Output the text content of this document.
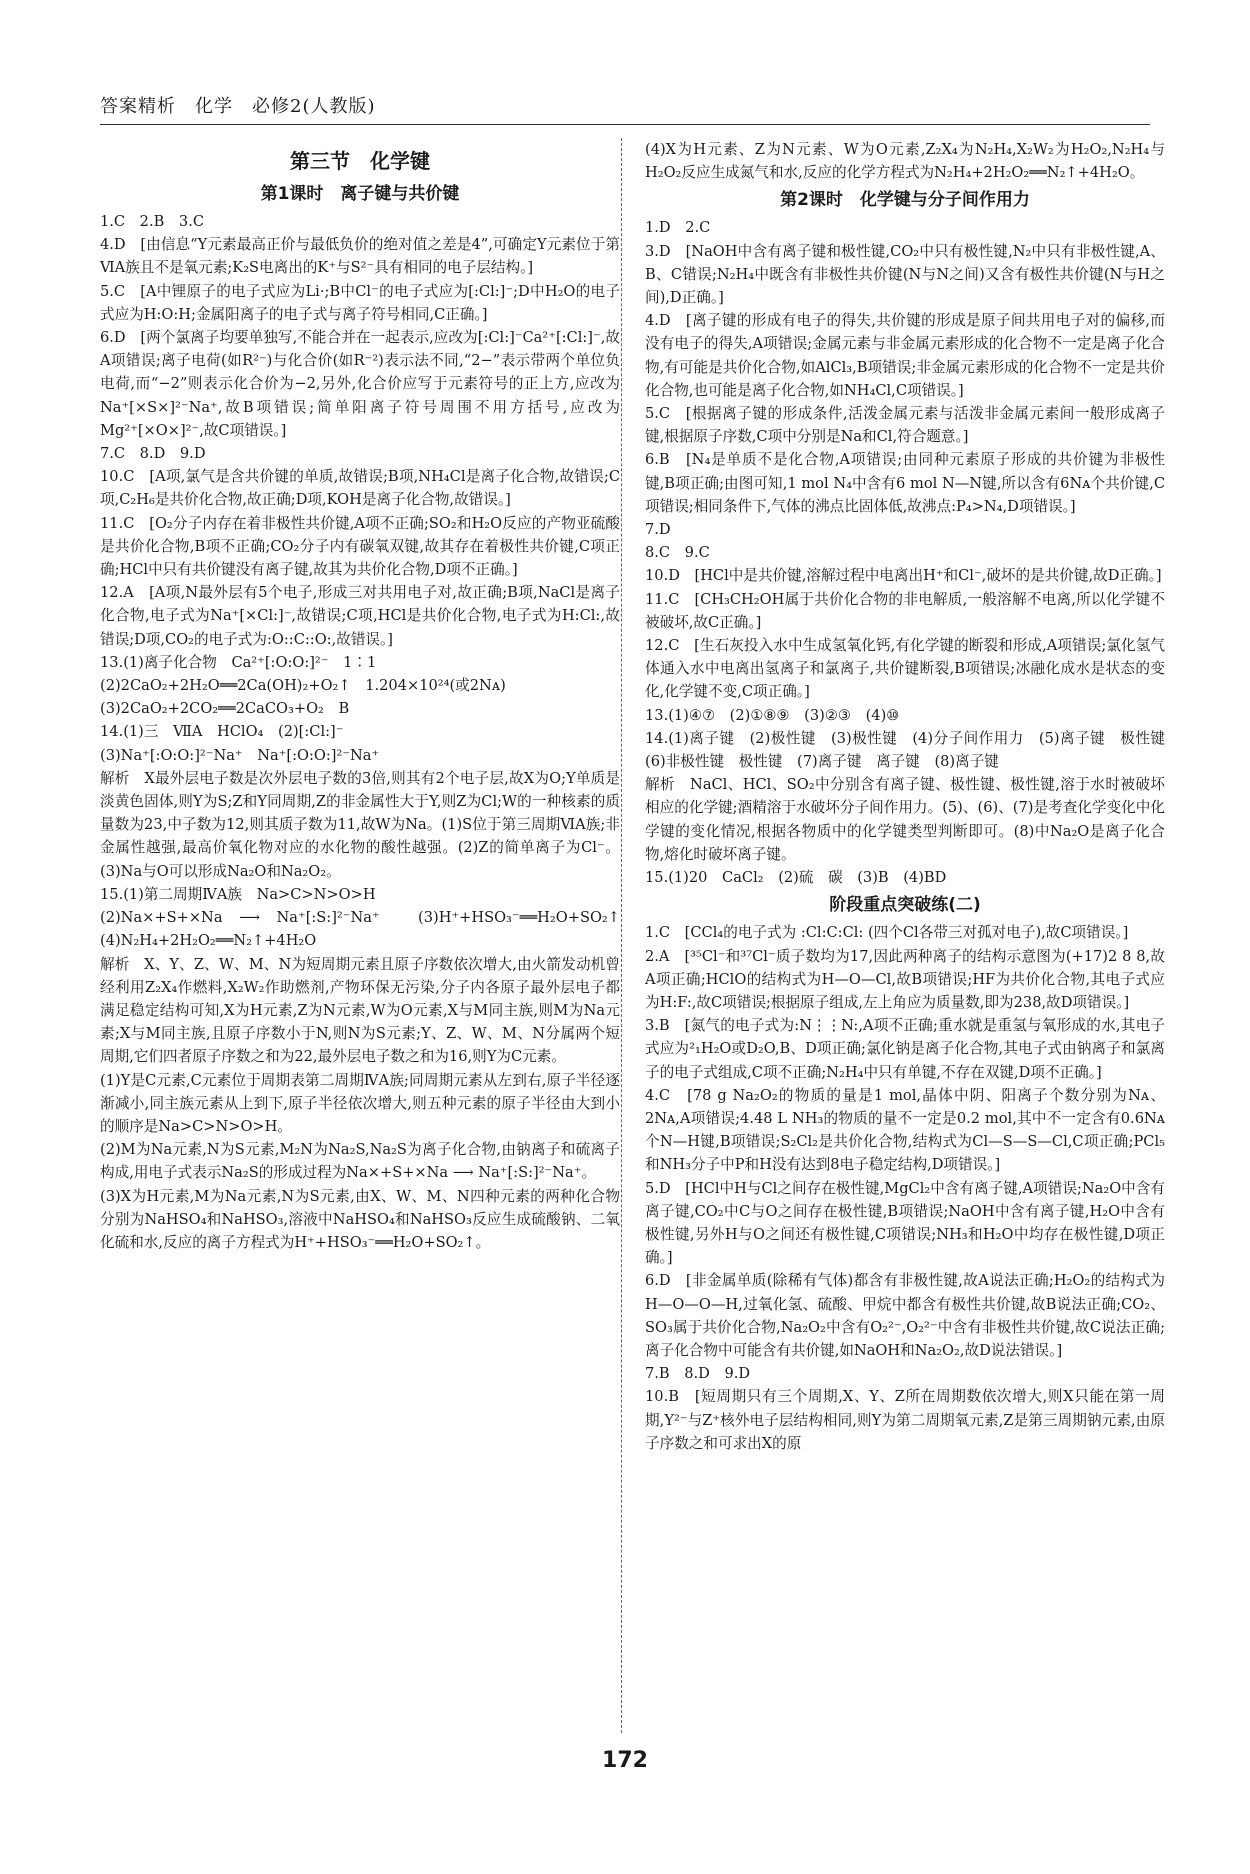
答案精析　化学　必修2(人教版)
第三节　化学键
第1课时　离子键与共价键

1.C　2.B　3.C

4.D　[由信息“Y元素最高正价与最低负价的绝对值之差是4”,可确定Y元素位于第ⅥA族且不是氧元素;K₂S电离出的K⁺与S²⁻具有相同的电子层结构。]

5.C　[A中锂原子的电子式应为Li·;B中Cl⁻的电子式应为[:Cl:]⁻;D中H₂O的电子式应为H:O:H;金属阳离子的电子式与离子符号相同,C正确。]

6.D　[两个氯离子均要单独写,不能合并在一起表示,应改为[:Cl:]⁻Ca²⁺[:Cl:]⁻,故A项错误;离子电荷(如R²⁻)与化合价(如R⁻²)表示法不同,“2−”表示带两个单位负电荷,而“−2”则表示化合价为−2,另外,化合价应写于元素符号的正上方,应改为Na⁺[×S×]²⁻Na⁺,故B项错误;简单阳离子符号周围不用方括号,应改为Mg²⁺[×O×]²⁻,故C项错误。]

7.C　8.D　9.D

10.C　[A项,氯气是含共价键的单质,故错误;B项,NH₄Cl是离子化合物,故错误;C项,C₂H₆是共价化合物,故正确;D项,KOH是离子化合物,故错误。]

11.C　[O₂分子内存在着非极性共价键,A项不正确;SO₂和H₂O反应的产物亚硫酸是共价化合物,B项不正确;CO₂分子内有碳氧双键,故其存在着极性共价键,C项正确;HCl中只有共价键没有离子键,故其为共价化合物,D项不正确。]

12.A　[A项,N最外层有5个电子,形成三对共用电子对,故正确;B项,NaCl是离子化合物,电子式为Na⁺[×Cl:]⁻,故错误;C项,HCl是共价化合物,电子式为H:Cl:,故错误;D项,CO₂的电子式为:O::C::O:,故错误。]

13.(1)离子化合物　Ca²⁺[:O:O:]²⁻　1∶1

(2)2CaO₂+2H₂O══2Ca(OH)₂+O₂↑　1.204×10²⁴(或2Nᴀ)

(3)2CaO₂+2CO₂══2CaCO₃+O₂　B

14.(1)三　ⅦA　HClO₄　(2)[:Cl:]⁻

(3)Na⁺[:O:O:]²⁻Na⁺　Na⁺[:O:O:]²⁻Na⁺

解析　X最外层电子数是次外层电子数的3倍,则其有2个电子层,故X为O;Y单质是淡黄色固体,则Y为S;Z和Y同周期,Z的非金属性大于Y,则Z为Cl;W的一种核素的质量数为23,中子数为12,则其质子数为11,故W为Na。(1)S位于第三周期ⅥA族;非金属性越强,最高价氧化物对应的水化物的酸性越强。(2)Z的简单离子为Cl⁻。(3)Na与O可以形成Na₂O和Na₂O₂。

15.(1)第二周期ⅣA族　Na>C>N>O>H

(2)Na×+S+×Na ⟶ Na⁺[:S:]²⁻Na⁺　(3)H⁺+HSO₃⁻══H₂O+SO₂↑　(4)N₂H₄+2H₂O₂══N₂↑+4H₂O

解析　X、Y、Z、W、M、N为短周期元素且原子序数依次增大,由火箭发动机曾经利用Z₂X₄作燃料,X₂W₂作助燃剂,产物环保无污染,分子内各原子最外层电子都满足稳定结构可知,X为H元素,Z为N元素,W为O元素,X与M同主族,则M为Na元素;X与M同主族,且原子序数小于N,则N为S元素;Y、Z、W、M、N分属两个短周期,它们四者原子序数之和为22,最外层电子数之和为16,则Y为C元素。

(1)Y是C元素,C元素位于周期表第二周期ⅣA族;同周期元素从左到右,原子半径逐渐减小,同主族元素从上到下,原子半径依次增大,则五种元素的原子半径由大到小的顺序是Na>C>N>O>H。

(2)M为Na元素,N为S元素,M₂N为Na₂S,Na₂S为离子化合物,由钠离子和硫离子构成,用电子式表示Na₂S的形成过程为Na×+S+×Na ⟶ Na⁺[:S:]²⁻Na⁺。

(3)X为H元素,M为Na元素,N为S元素,由X、W、M、N四种元素的两种化合物分别为NaHSO₄和NaHSO₃,溶液中NaHSO₄和NaHSO₃反应生成硫酸钠、二氧化硫和水,反应的离子方程式为H⁺+HSO₃⁻══H₂O+SO₂↑。

(4)X为H元素、Z为N元素、W为O元素,Z₂X₄为N₂H₄,X₂W₂为H₂O₂,N₂H₄与H₂O₂反应生成氮气和水,反应的化学方程式为N₂H₄+2H₂O₂══N₂↑+4H₂O。

第2课时　化学键与分子间作用力

1.D　2.C

3.D　[NaOH中含有离子键和极性键,CO₂中只有极性键,N₂中只有非极性键,A、B、C错误;N₂H₄中既含有非极性共价键(N与N之间)又含有极性共价键(N与H之间),D正确。]

4.D　[离子键的形成有电子的得失,共价键的形成是原子间共用电子对的偏移,而没有电子的得失,A项错误;金属元素与非金属元素形成的化合物不一定是离子化合物,有可能是共价化合物,如AlCl₃,B项错误;非金属元素形成的化合物不一定是共价化合物,也可能是离子化合物,如NH₄Cl,C项错误。]

5.C　[根据离子键的形成条件,活泼金属元素与活泼非金属元素间一般形成离子键,根据原子序数,C项中分别是Na和Cl,符合题意。]

6.B　[N₄是单质不是化合物,A项错误;由同种元素原子形成的共价键为非极性键,B项正确;由图可知,1 mol N₄中含有6 mol N—N键,所以含有6Nᴀ个共价键,C项错误;相同条件下,气体的沸点比固体低,故沸点:P₄>N₄,D项错误。]

7.D

8.C　9.C

10.D　[HCl中是共价键,溶解过程中电离出H⁺和Cl⁻,破坏的是共价键,故D正确。]

11.C　[CH₃CH₂OH属于共价化合物的非电解质,一般溶解不电离,所以化学键不被破坏,故C正确。]

12.C　[生石灰投入水中生成氢氧化钙,有化学键的断裂和形成,A项错误;氯化氢气体通入水中电离出氢离子和氯离子,共价键断裂,B项错误;冰融化成水是状态的变化,化学键不变,C项正确。]

13.(1)④⑦　(2)①⑧⑨　(3)②③　(4)⑩

14.(1)离子键　(2)极性键　(3)极性键　(4)分子间作用力　(5)离子键　极性键　(6)非极性键　极性键　(7)离子键　离子键　(8)离子键

解析　NaCl、HCl、SO₂中分别含有离子键、极性键、极性键,溶于水时被破坏相应的化学键;酒精溶于水破坏分子间作用力。(5)、(6)、(7)是考查化学变化中化学键的变化情况,根据各物质中的化学键类型判断即可。(8)中Na₂O是离子化合物,熔化时破坏离子键。

15.(1)20　CaCl₂　(2)硫　碳　(3)B　(4)BD

阶段重点突破练(二)

1.C　[CCl₄的电子式为 :Cl:C:Cl: (四个Cl各带三对孤对电子),故C项错误。]

2.A　[³⁵Cl⁻和³⁷Cl⁻质子数均为17,因此两种离子的结构示意图为(+17)2 8 8,故A项正确;HClO的结构式为H—O—Cl,故B项错误;HF为共价化合物,其电子式应为H:F:,故C项错误;根据原子组成,左上角应为质量数,即为238,故D项错误。]

3.B　[氮气的电子式为:N⋮⋮N:,A项不正确;重水就是重氢与氧形成的水,其电子式应为²₁H₂O或D₂O,B、D项正确;氯化钠是离子化合物,其电子式由钠离子和氯离子的电子式组成,C项不正确;N₂H₄中只有单键,不存在双键,D项不正确。]

4.C　[78 g Na₂O₂的物质的量是1 mol,晶体中阴、阳离子个数分别为Nᴀ、2Nᴀ,A项错误;4.48 L NH₃的物质的量不一定是0.2 mol,其中不一定含有0.6Nᴀ个N—H键,B项错误;S₂Cl₂是共价化合物,结构式为Cl—S—S—Cl,C项正确;PCl₅和NH₃分子中P和H没有达到8电子稳定结构,D项错误。]

5.D　[HCl中H与Cl之间存在极性键,MgCl₂中含有离子键,A项错误;Na₂O中含有离子键,CO₂中C与O之间存在极性键,B项错误;NaOH中含有离子键,H₂O中含有极性键,另外H与O之间还有极性键,C项错误;NH₃和H₂O中均存在极性键,D项正确。]

6.D　[非金属单质(除稀有气体)都含有非极性键,故A说法正确;H₂O₂的结构式为H—O—O—H,过氧化氢、硫酸、甲烷中都含有极性共价键,故B说法正确;CO₂、SO₃属于共价化合物,Na₂O₂中含有O₂²⁻,O₂²⁻中含有非极性共价键,故C说法正确;离子化合物中可能含有共价键,如NaOH和Na₂O₂,故D说法错误。]

7.B　8.D　9.D

10.B　[短周期只有三个周期,X、Y、Z所在周期数依次增大,则X只能在第一周期,Y²⁻与Z⁺核外电子层结构相同,则Y为第二周期氧元素,Z是第三周期钠元素,由原子序数之和可求出X的原

172
